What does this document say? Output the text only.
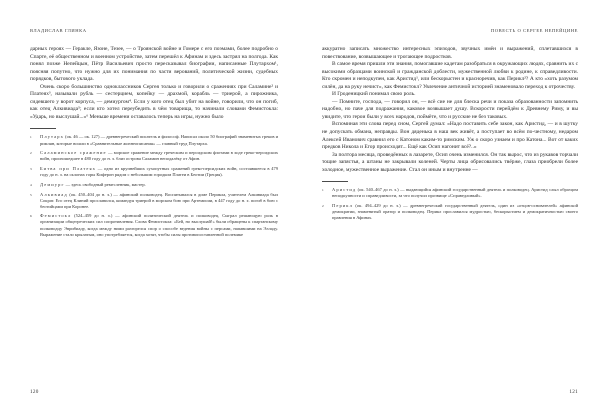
ВЛАДИСЛАВ ГЛИНКА

дарных героях — Геракле, Язоне, Тезее, — о Троянской войне и Гомере с его поэмами, более подробно о Спарте, её общественном и военном устройстве, затем перешёл к Афинам и здесь застрял на полгода. Как понял позже Непейцын, Пётр Васильевич просто пересказывал биографии, написанные Плутархом¹, поясняя попутно, что нужно для их понимания по части верований, политической жизни, судебных порядков, бытового уклада.

Очень скоро большинство одноклассников Сергея только и говорили о сражениях при Саламине² и Платеях³, называли рубль — сестерцием, копейку — драхмой, корабль — триерой, а пирожника, сидевшего у ворот корпуса, — демиургом⁴. Если у кого отец был убит на войне, говорили, что он погиб, как отец Алкивиада⁵; если кто хотел переубедить в чём товарища, то начинали словами Фемистокла: «Ударь, но выслушай...»⁶ Меньше времени оставалось теперь на игры, нужно было

1	Плутарх (ок. 46 — ок. 127) — древнегреческий писатель и философ. Написал около 50 биографий знаменитых греков и римлян, которые вошли в «Сравнительные жизнеописания» — главный труд Плутарха.
2	Саламинское сражение — морское сражение между греческим и персидским флотами в ходе греко-персидских войн, произошедшее в 480 году до н. э. близ острова Саламин неподалёку от Афин.
3	Битва при Платеях — одно из крупнейших сухопутных сражений греко-персидских войн, состоявшееся в 479 году до н. э. на склонах горы Киферон рядом с небольшим городком Платеи в Беотии (Греция).
4	Демиург — здесь свободный ремесленник, мастер.
5	Алкивиад (ок. 450–404 до н. э.) — афинский полководец. Воспитывался в доме Перикла, учителем Алкивиада был Сократ. Его отец Клиний прославился, командуя триерой в морском бою при Артемисии, в 447 году до н. э. погиб в бою с беотийцами при Коронее.
6	Фемистокл (524–459 до н. э.) — афинский политический деятель и полководец. Сыграл решающую роль в организации общегреческих сил сопротивления. Слова Фемистокла: «Бей, но выслушай!» были обращены к спартанскому полководцу Эврибиаду, когда между ними разгорелся спор о способе ведения войны с персами, напавшими на Элладу. Выражение стало крылатым, оно употребляется, когда хотят, чтобы силы противопоставленной полемике
120
ПОВЕСТЬ О СЕРГЕЕ НЕПЕЙЦИНЕ

аккуратно записать множество интересных эпизодов, звучных имён и выражений, сплетавшихся в повествование, возвышающее и трогающее подростков.

В самое время пришли эти знания, помогавшие кадетам разобраться в окружающих людях, сравнить их с высокими образцами воинской и гражданской доблести, мужественной любви к родине, к справедливости. Кто скромен и неподкупен, как Аристид¹, или бескорыстен и красноречив, как Перикл²? А кто «хоть разумом силён, да на руку нечист», как Фемистокл? Увлечение античной историей знаменовало переход к отрочеству.

И Гроденицкий понимал свою роль.

— Помните, господа, — говорил он, — всё сие не для блеска речи и показа образованности запомнить надобно, но паче для подражания, каковое возвышает душу. Вскорости перейдём к Древнему Риму, и вы увидите, что герои были у всех народов, поймёте, что и русские не без таковых.

Вспоминая эти слова перед сном, Сергей думал: «Надо поставить себе закон, как Аристид, — и в шутку не допускать обмана, неправды. Вон дяденька в наш век живёт, а поступает во всём по-честному, недаром Алексей Иванович сравнил его с Катоном каким-то римским. Уж о скоро узнаем и про Катона... Вот от каких предков Никола и Егор происходят... Ещё как Осип нагонит всё?..»

За полтора месяца, проведённых в лазарете, Осип очень изменился. Он так вырос, что из рукавов торчали тощие запястья, а штаны не закрывали коленей. Черты лица обрисовались твёрже, глаза приобрели более холодное, мужественное выражение. Стал он иным и внутренне —

1	Аристид (ок. 540–467 до н. э.) — выдающийся афинский государственный деятель и полководец. Аристид слыл образцом неподкупности и справедливости, за что получил прозвище «Справедливый».
2	Перикл (ок. 494–429 до н. э.) — древнегреческий государственный деятель, один из «отцов-основателей» афинской демократии, знаменитый оратор и полководец. Перикл прославился мудростью, бескорыстием и демократичностью своего правления в Афинах.
121
